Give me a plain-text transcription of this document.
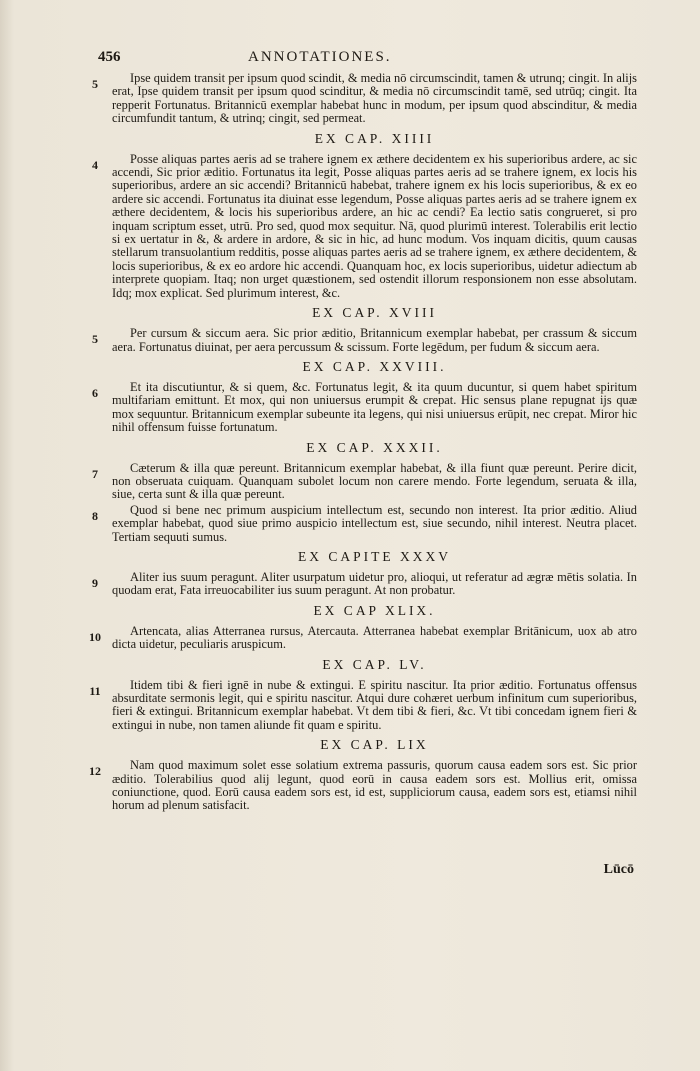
456	ANNOTATIONES.
5	Ipse quidem transit per ipsum quod scindit, & media nō circumscindit, tamen & utrunq; cingit. In alijs erat, Ipse quidem transit per ipsum quod scinditur, & media nō circumscindit tamē, sed utrūq; cingit. Ita repperit Fortunatus. Britannicū exemplar habebat hunc in modum, per ipsum quod abscinditur, & media circumfundit tantum, & utrinq; cingit, sed permeat.

EX CAP. XIIII
4	Posse aliquas partes aeris ad se trahere ignem ex æthere decidentem ex his superioribus ardere, ac sic accendi, Sic prior æditio. Fortunatus ita legit, Posse aliquas partes aeris ad se trahere ignem, ex locis his superioribus, ardere an sic accendi? Britannicū habebat, trahere ignem ex his locis superioribus, & ex eo ardere sic accendi. Fortunatus ita diuinat esse legendum, Posse aliquas partes aeris ad se trahere ignem ex æthere decidentem, & locis his superioribus ardere, an hic ac cendi? Ea lectio satis congrueret, si pro inquam scriptum esset, utrū. Pro sed, quod mox sequitur. Nā, quod plurimū interest. Tolerabilis erit lectio si ex uertatur in &, & ardere in ardore, & sic in hic, ad hunc modum. Vos inquam dicitis, quum causas stellarum transuolantium redditis, posse aliquas partes aeris ad se trahere ignem, ex æthere decidentem, & locis superioribus, & ex eo ardore hic accendi. Quanquam hoc, ex locis superioribus, uidetur adiectum ab interprete quopiam. Itaq; non urget quæstionem, sed ostendit illorum responsionem non esse absolutam. Idq; mox explicat. Sed plurimum interest, &c.

EX CAP. XVIII
5	Per cursum & siccum aera. Sic prior æditio, Britannicum exemplar habebat, per crassum & siccum aera. Fortunatus diuinat, per aera percussum & scissum. Forte legēdum, per fudum & siccum aera.

EX CAP. XXVIII.
6	Et ita discutiuntur, & si quem, &c. Fortunatus legit, & ita quum ducuntur, si quem habet spiritum multifariam emittunt. Et mox, qui non uniuersus erumpit & crepat. Hic sensus plane repugnat ijs quæ mox sequuntur. Britannicum exemplar subeunte ita legens, qui nisi uniuersus erūpit, nec crepat. Miror hic nihil offensum fuisse fortunatum.

EX CAP. XXXII.
7	Cæterum & illa quæ pereunt. Britannicum exemplar habebat, & illa fiunt quæ pereunt. Perire dicit, non obseruata cuiquam. Quanquam subolet locum non carere mendo. Forte legendum, seruata & illa, siue, certa sunt & illa quæ pereunt.

8	Quod si bene nec primum auspicium intellectum est, secundo non interest. Ita prior æditio. Aliud exemplar habebat, quod siue primo auspicio intellectum est, siue secundo, nihil interest. Neutra placet. Tertiam sequuti sumus.

EX CAPITE XXXV
9	Aliter ius suum peragunt. Aliter usurpatum uidetur pro, alioqui, ut referatur ad ægræ mētis solatia. In quodam erat, Fata irreuocabiliter ius suum peragunt. At non probatur.

EX CAP XLIX.
10	Artencata, alias Atterranea rursus, Atercauta. Atterranea habebat exemplar Britānicum, uox ab atro dicta uidetur, peculiaris aruspicum.

EX CAP. LV.
11	Itidem tibi & fieri ignē in nube & extingui. E spiritu nascitur. Ita prior æditio. Fortunatus offensus absurditate sermonis legit, qui e spiritu nascitur. Atqui dure cohæret uerbum infinitum cum superioribus, fieri & extingui. Britannicum exemplar habebat. Vt dem tibi & fieri, &c. Vt tibi concedam ignem fieri & extingui in nube, non tamen aliunde fit quam e spiritu.

EX CAP. LIX
12	Nam quod maximum solet esse solatium extrema passuris, quorum causa eadem sors est. Sic prior æditio. Tolerabilius quod alij legunt, quod eorū in causa eadem sors est. Mollius erit, omissa coniunctione, quod. Eorū causa eadem sors est, id est, suppliciorum causa, eadem sors est, etiamsi nihil horum ad plenum satisfacit.

Lūcō
